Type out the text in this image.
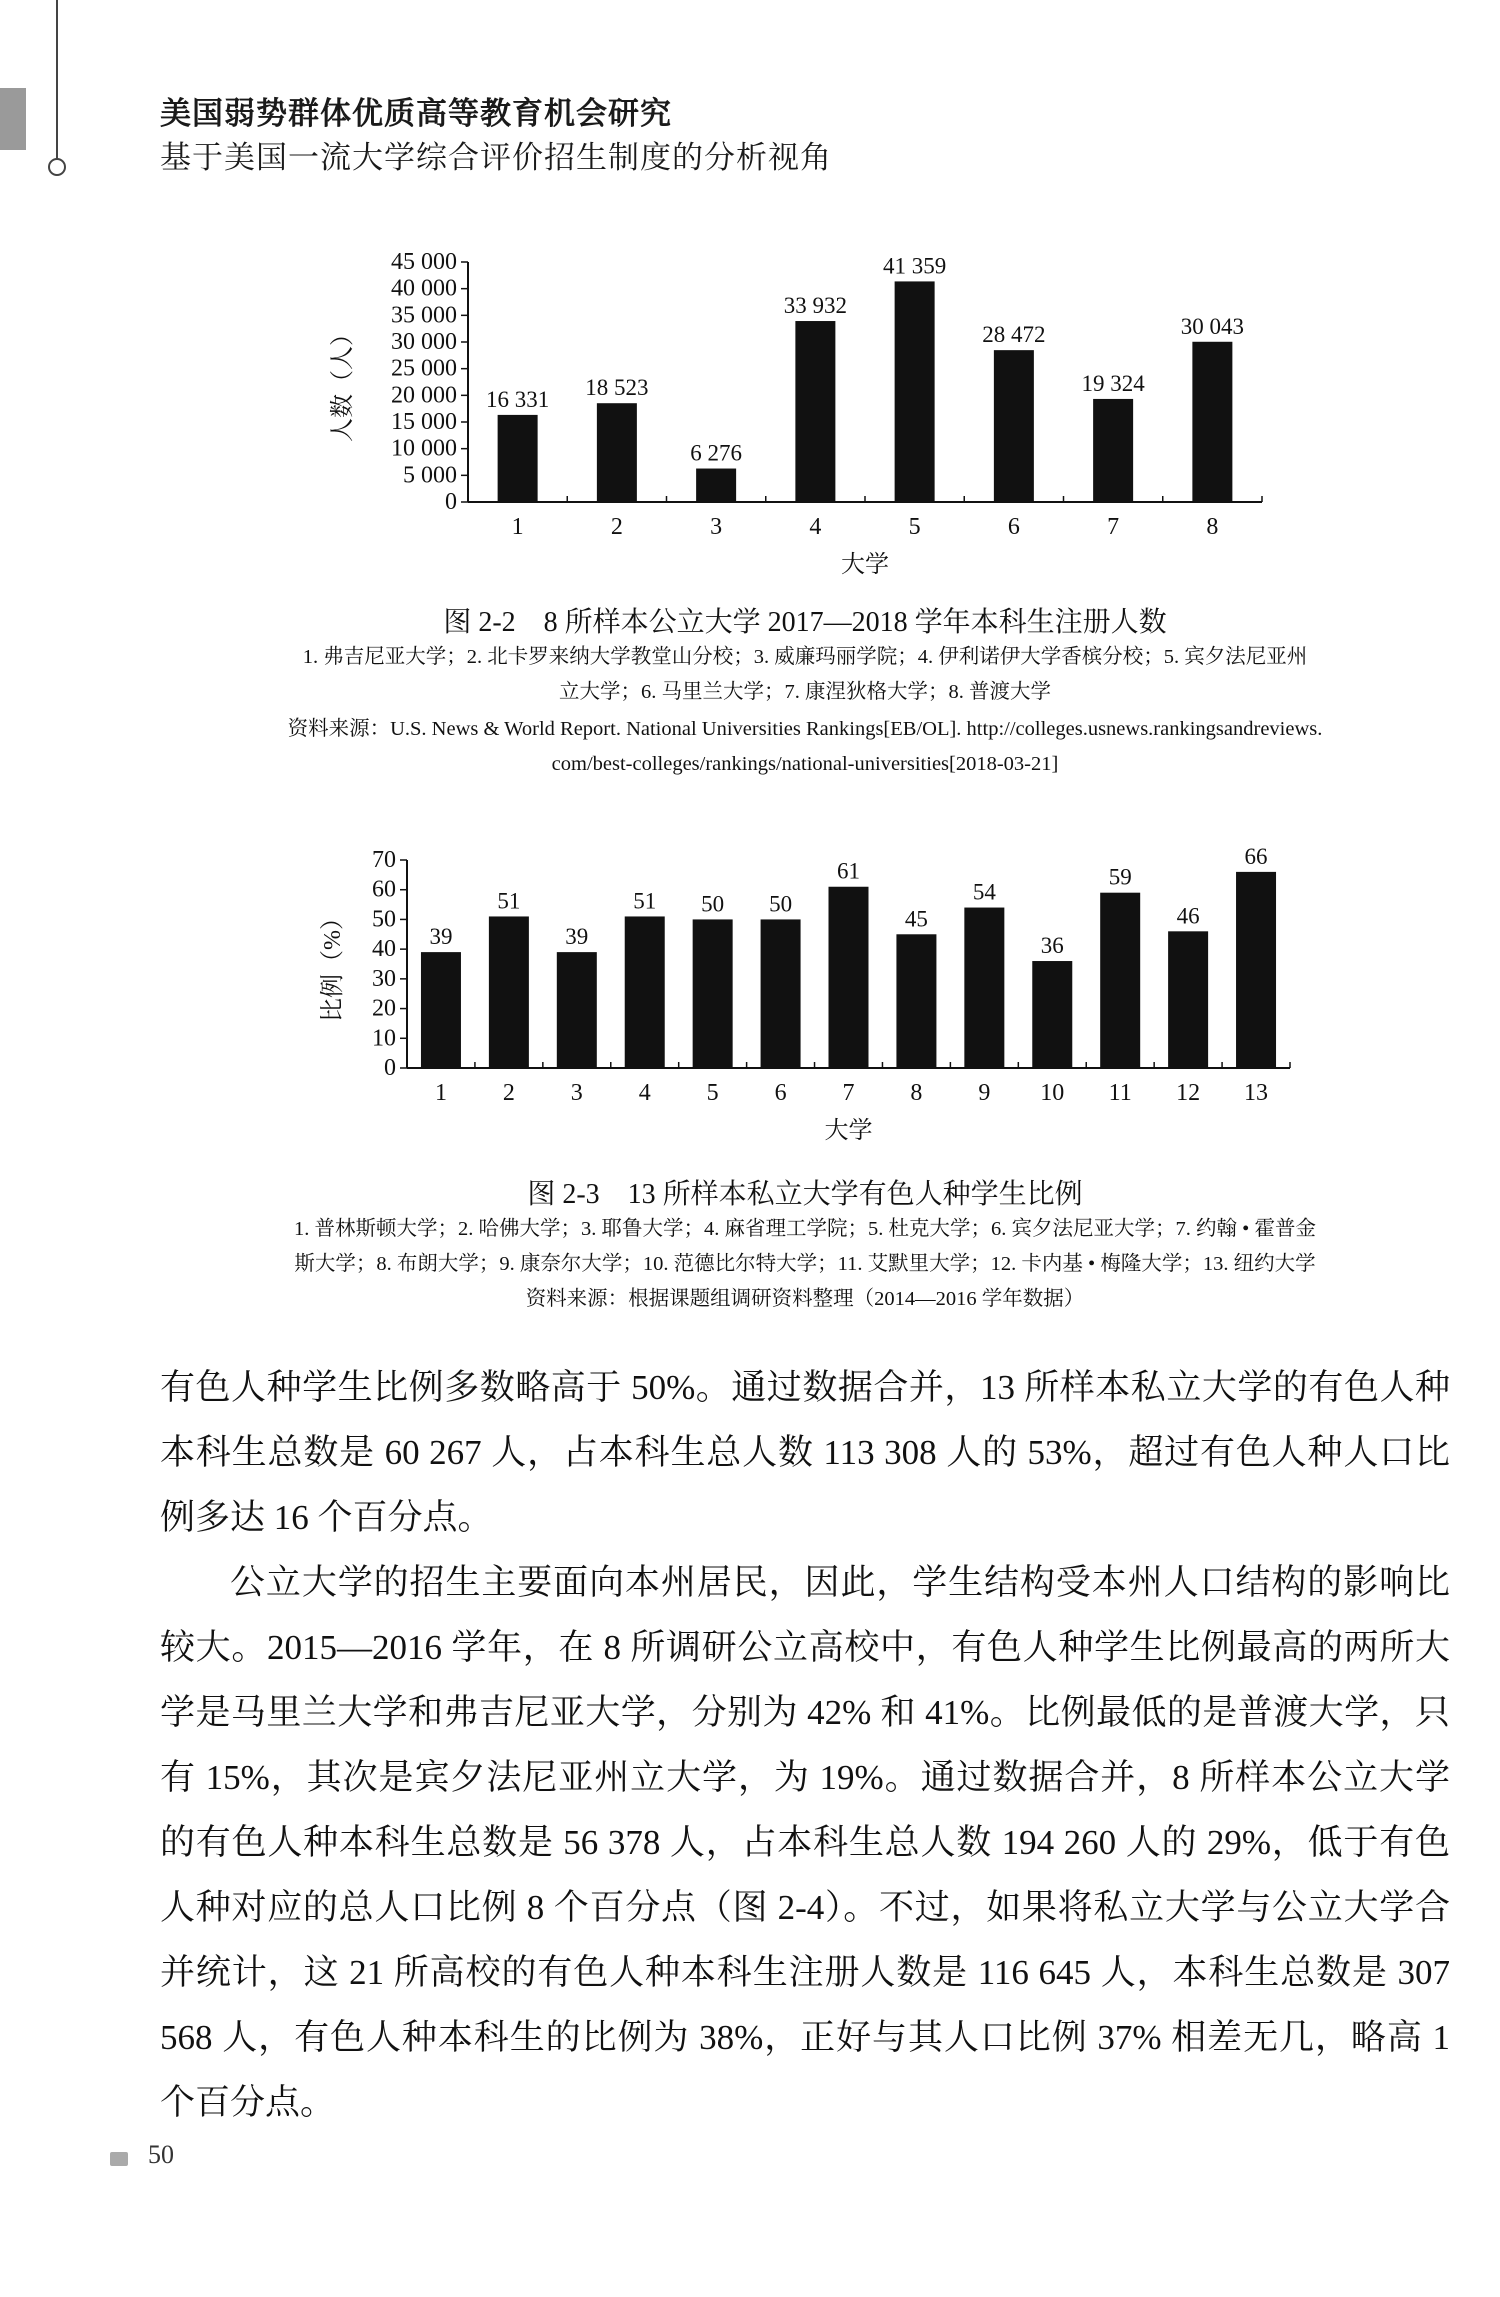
美国弱势群体优质高等教育机会研究
基于美国一流大学综合评价招生制度的分析视角
0
5 000
10 000
15 000
20 000
25 000
30 000
35 000
40 000
45 000
16 331
1
18 523
2
6 276
3
33 932
4
41 359
5
28 472
6
19 324
7
30 043
8
大学
人数（人）
图 2-2　8 所样本公立大学 2017—2018 学年本科生注册人数
1. 弗吉尼亚大学；2. 北卡罗来纳大学教堂山分校；3. 威廉玛丽学院；4. 伊利诺伊大学香槟分校；5. 宾夕法尼亚州
立大学；6. 马里兰大学；7. 康涅狄格大学；8. 普渡大学
资料来源：U.S. News & World Report. National Universities Rankings[EB/OL]. http://colleges.usnews.rankingsandreviews.
com/best-colleges/rankings/national-universities[2018-03-21]
0
10
20
30
40
50
60
70
39
1
51
2
39
3
51
4
50
5
50
6
61
7
45
8
54
9
36
10
59
11
46
12
66
13
大学
比例（%）
图 2-3　13 所样本私立大学有色人种学生比例
1. 普林斯顿大学；2. 哈佛大学；3. 耶鲁大学；4. 麻省理工学院；5. 杜克大学；6. 宾夕法尼亚大学；7. 约翰 • 霍普金
斯大学；8. 布朗大学；9. 康奈尔大学；10. 范德比尔特大学；11. 艾默里大学；12. 卡内基 • 梅隆大学；13. 纽约大学
资料来源：根据课题组调研资料整理（2014—2016 学年数据）

有色人种学生比例多数略高于 50%。通过数据合并，13 所样本私立大学的有色人种本科生总数是 60 267 人，占本科生总人数 113 308 人的 53%，超过有色人种人口比例多达 16 个百分点。

公立大学的招生主要面向本州居民，因此，学生结构受本州人口结构的影响比较大。2015—2016 学年，在 8 所调研公立高校中，有色人种学生比例最高的两所大学是马里兰大学和弗吉尼亚大学，分别为 42% 和 41%。比例最低的是普渡大学，只有 15%，其次是宾夕法尼亚州立大学，为 19%。通过数据合并，8 所样本公立大学的有色人种本科生总数是 56 378 人，占本科生总人数 194 260 人的 29%，低于有色人种对应的总人口比例 8 个百分点（图 2-4）。不过，如果将私立大学与公立大学合并统计，这 21 所高校的有色人种本科生注册人数是 116 645 人，本科生总数是 307 568 人，有色人种本科生的比例为 38%，正好与其人口比例 37% 相差无几，略高 1 个百分点。

50
